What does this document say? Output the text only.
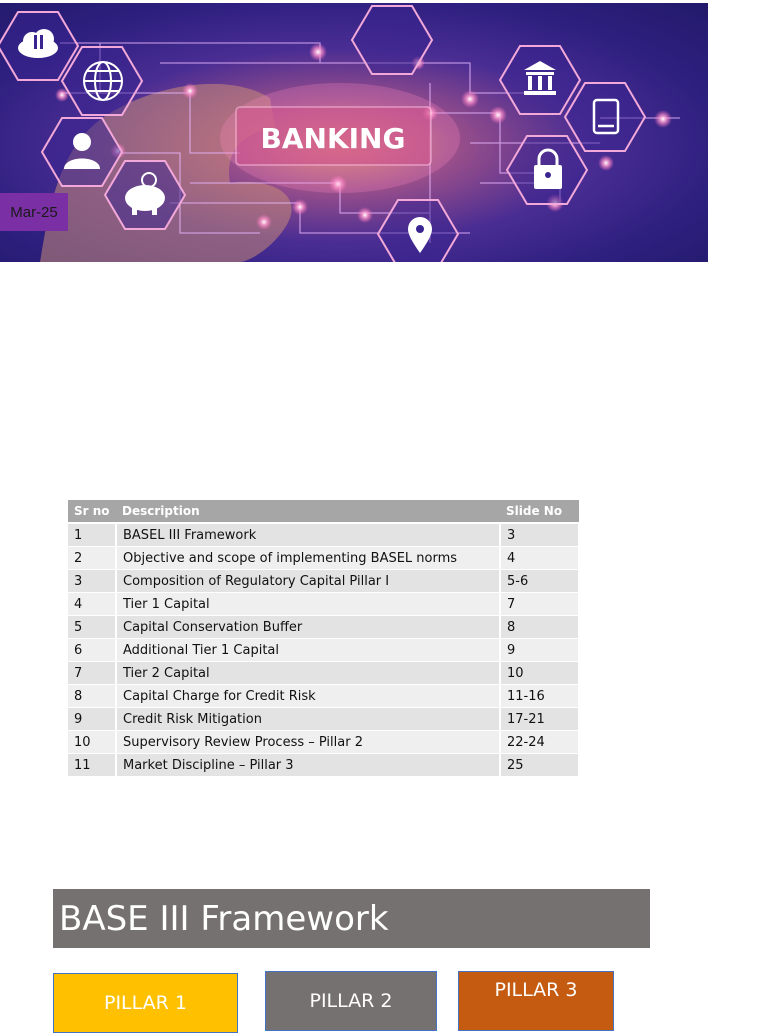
BANKING
Mar-25
Sr no	Description	Slide No
1	BASEL III Framework	3
2	Objective and scope of implementing BASEL norms	4
3	Composition of Regulatory Capital Pillar I	5-6
4	Tier 1 Capital	7
5	Capital Conservation Buffer	8
6	Additional Tier 1 Capital	9
7	Tier 2 Capital	10
8	Capital Charge for Credit Risk	11-16
9	Credit Risk Mitigation	17-21
10	Supervisory Review Process – Pillar 2	22-24
11	Market Discipline – Pillar 3	25
BASE III Framework
PILLAR 1	PILLAR 2	PILLAR 3
